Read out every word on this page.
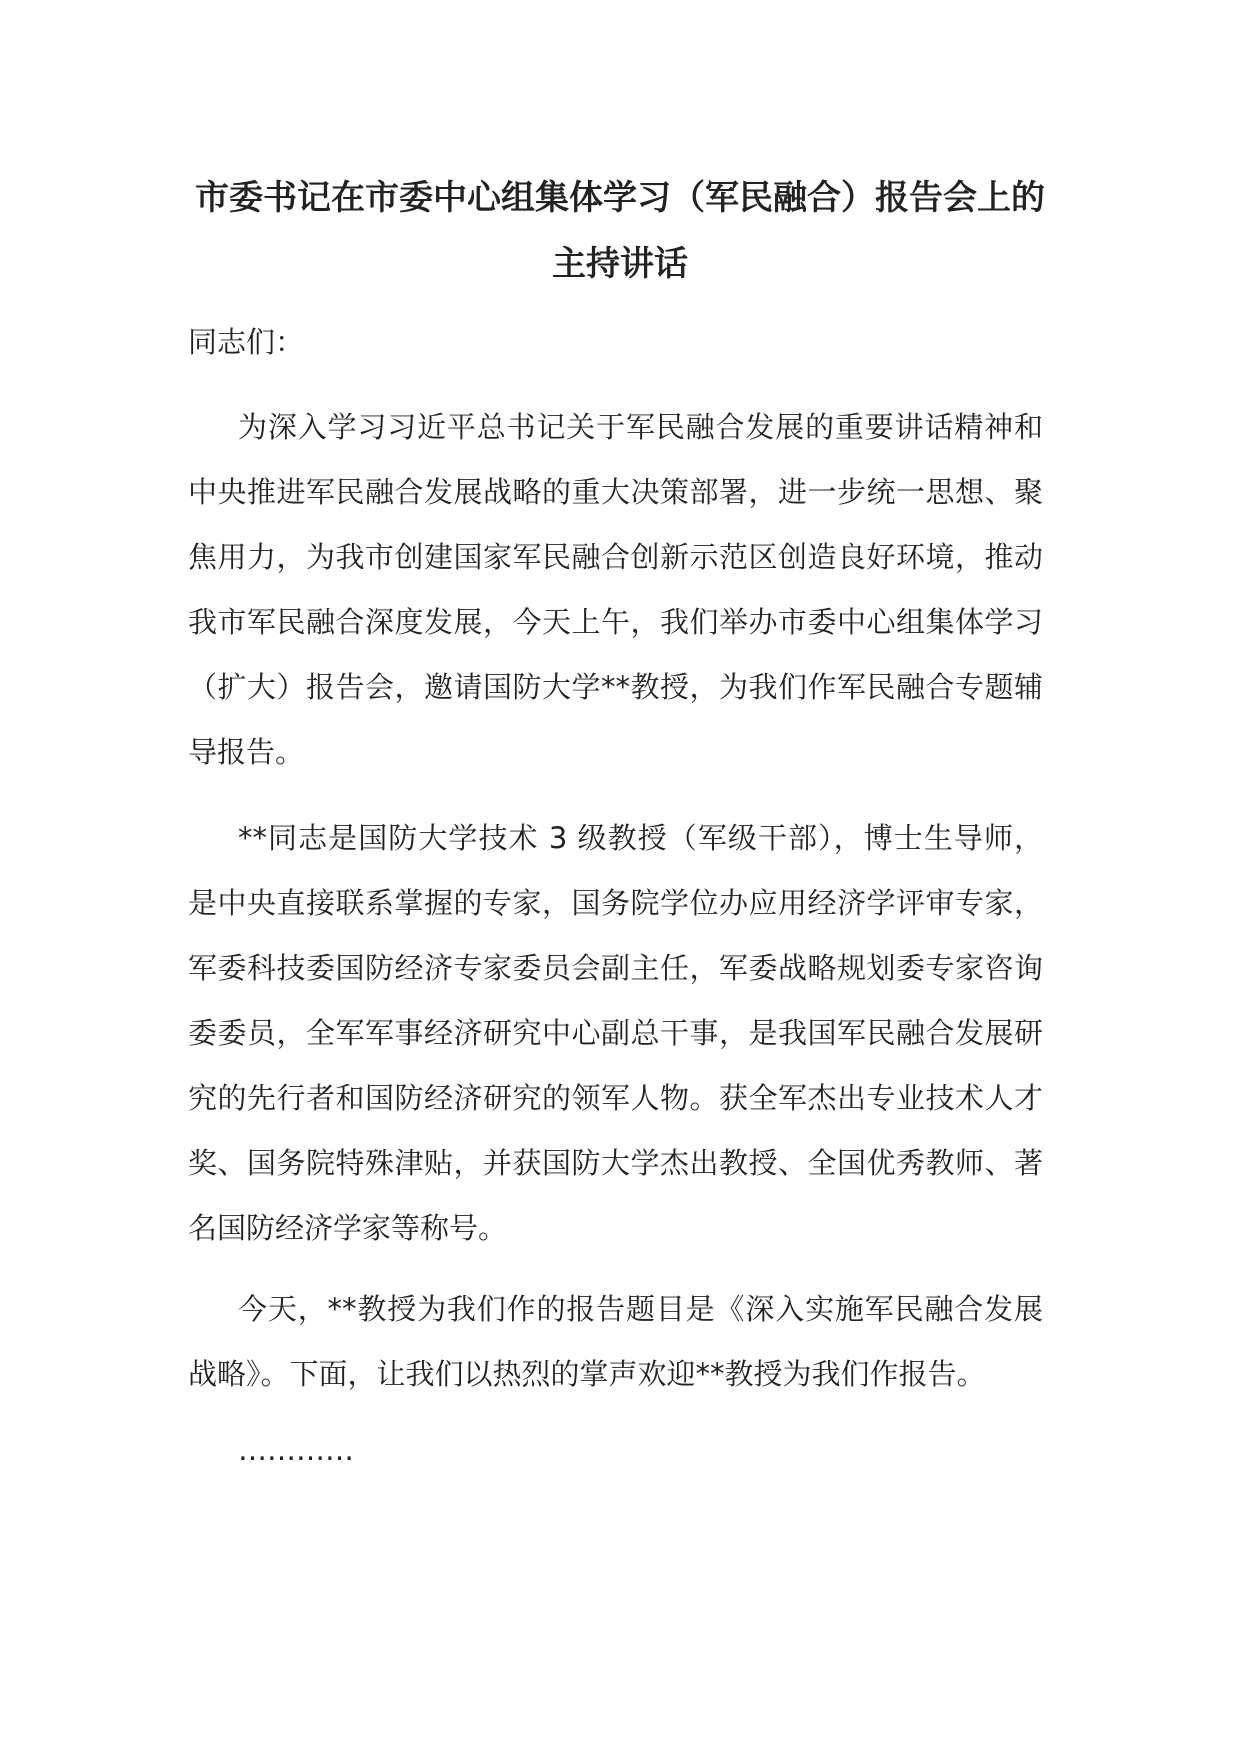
市委书记在市委中心组集体学习（军民融合）报告会上的
主持讲话
同志们：
为深入学习习近平总书记关于军民融合发展的重要讲话精神和
中央推进军民融合发展战略的重大决策部署，进一步统一思想、聚
焦用力，为我市创建国家军民融合创新示范区创造良好环境，推动
我市军民融合深度发展，今天上午，我们举办市委中心组集体学习
（扩大）报告会，邀请国防大学**教授，为我们作军民融合专题辅
导报告。
**同志是国防大学技术 3 级教授（军级干部），博士生导师，
是中央直接联系掌握的专家，国务院学位办应用经济学评审专家，
军委科技委国防经济专家委员会副主任，军委战略规划委专家咨询
委委员，全军军事经济研究中心副总干事，是我国军民融合发展研
究的先行者和国防经济研究的领军人物。获全军杰出专业技术人才
奖、国务院特殊津贴，并获国防大学杰出教授、全国优秀教师、著
名国防经济学家等称号。
今天，**教授为我们作的报告题目是《深入实施军民融合发展
战略》。下面，让我们以热烈的掌声欢迎**教授为我们作报告。
…………
